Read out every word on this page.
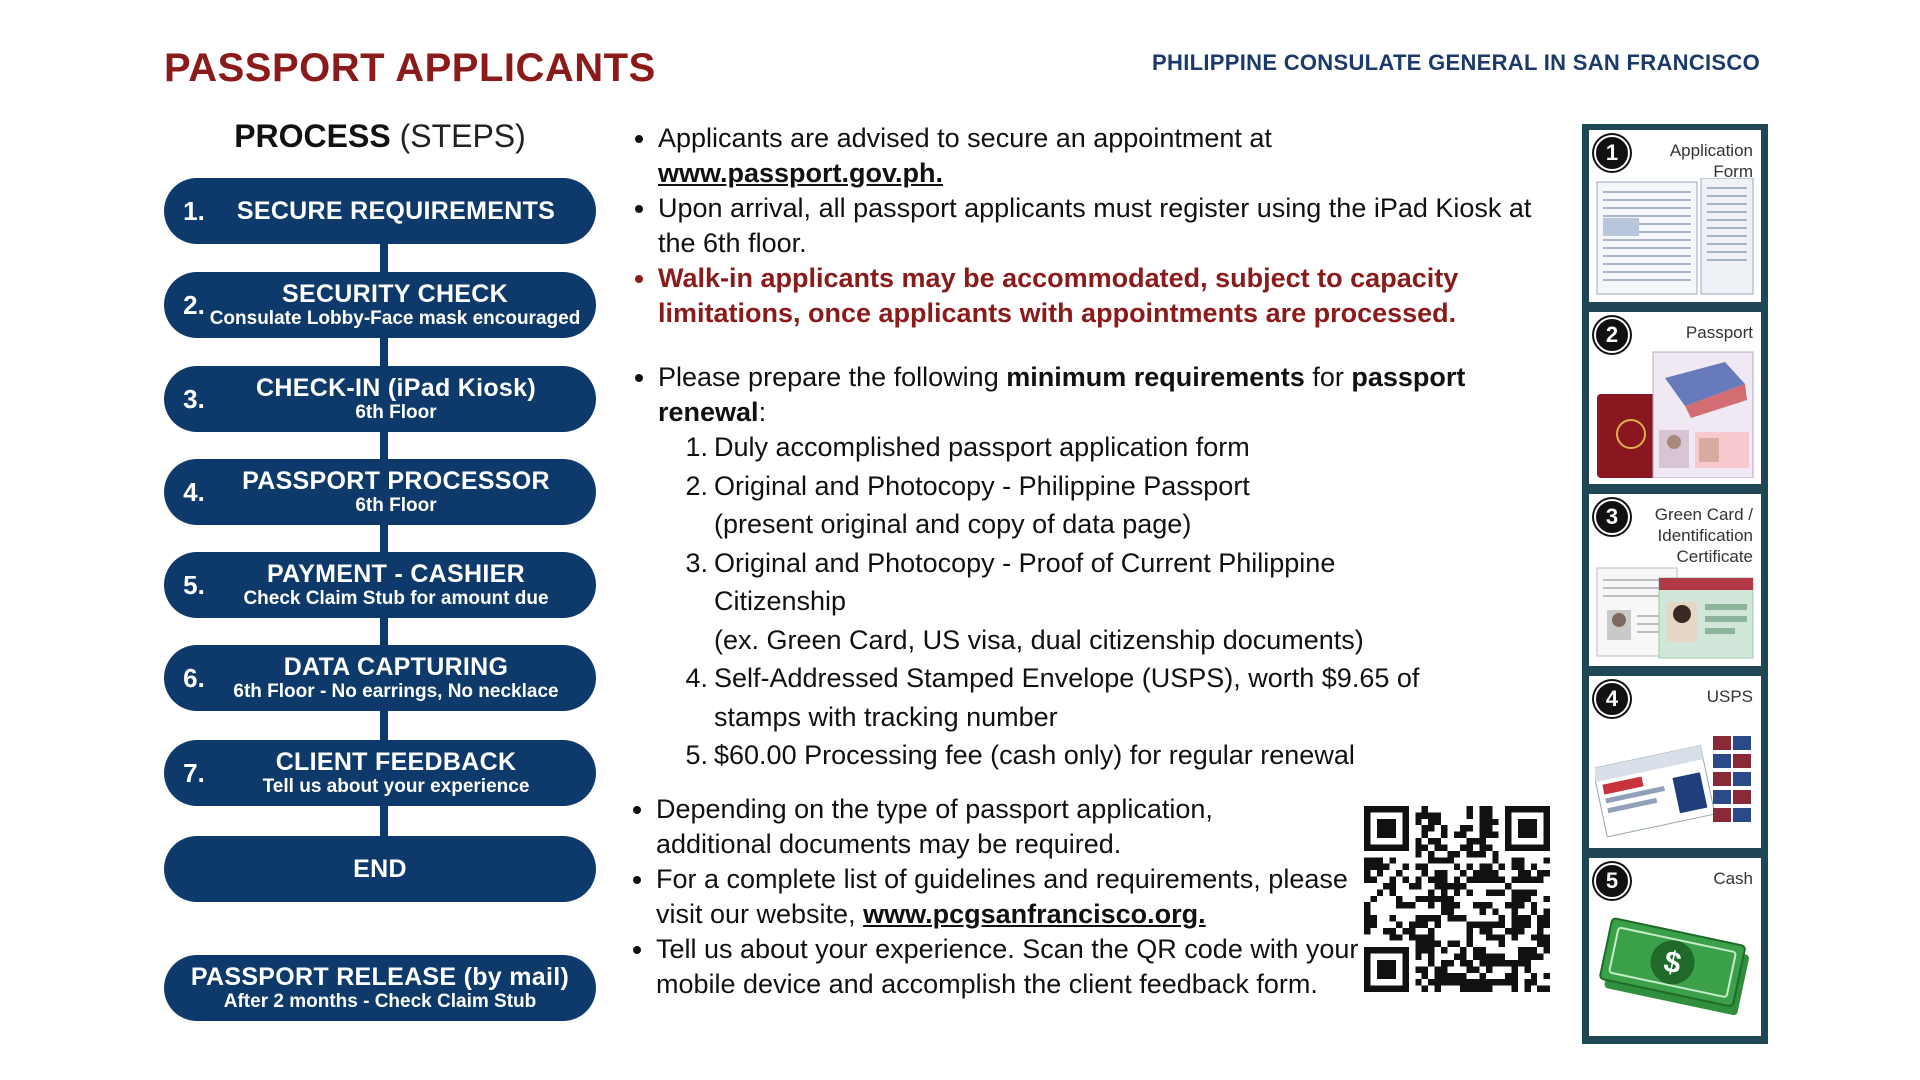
PASSPORT APPLICANTS	PHILIPPINE CONSULATE GENERAL IN SAN FRANCISCO
PROCESS (STEPS)
1.	SECURE REQUIREMENTS
2.	SECURITY CHECK
Consulate Lobby-Face mask encouraged
3.	CHECK-IN (iPad Kiosk)
6th Floor
4.	PASSPORT PROCESSOR
6th Floor
5.	PAYMENT - CASHIER
Check Claim Stub for amount due
6.	DATA CAPTURING
6th Floor - No earrings, No necklace
7.	CLIENT FEEDBACK
Tell us about your experience
END
PASSPORT RELEASE (by mail)
After 2 months - Check Claim Stub
Applicants are advised to secure an appointment at
www.passport.gov.ph.
Upon arrival, all passport applicants must register using the iPad Kiosk at the 6th floor.
Walk-in applicants may be accommodated, subject to capacity limitations, once applicants with appointments are processed.
Please prepare the following minimum requirements for passport renewal:
1. Duly accomplished passport application form
2. Original and Photocopy - Philippine Passport
(present original and copy of data page)
3. Original and Photocopy - Proof of Current Philippine Citizenship
(ex. Green Card, US visa, dual citizenship documents)
4. Self-Addressed Stamped Envelope (USPS), worth $9.65 of stamps with tracking number
5. $60.00 Processing fee (cash only) for regular renewal
Depending on the type of passport application, additional documents may be required.
For a complete list of guidelines and requirements, please visit our website, www.pcgsanfrancisco.org.
Tell us about your experience. Scan the QR code with your mobile device and accomplish the client feedback form.
1	Application
Form
2	Passport
3	Green Card /
Identification
Certificate
4	USPS
$
5	Cash
